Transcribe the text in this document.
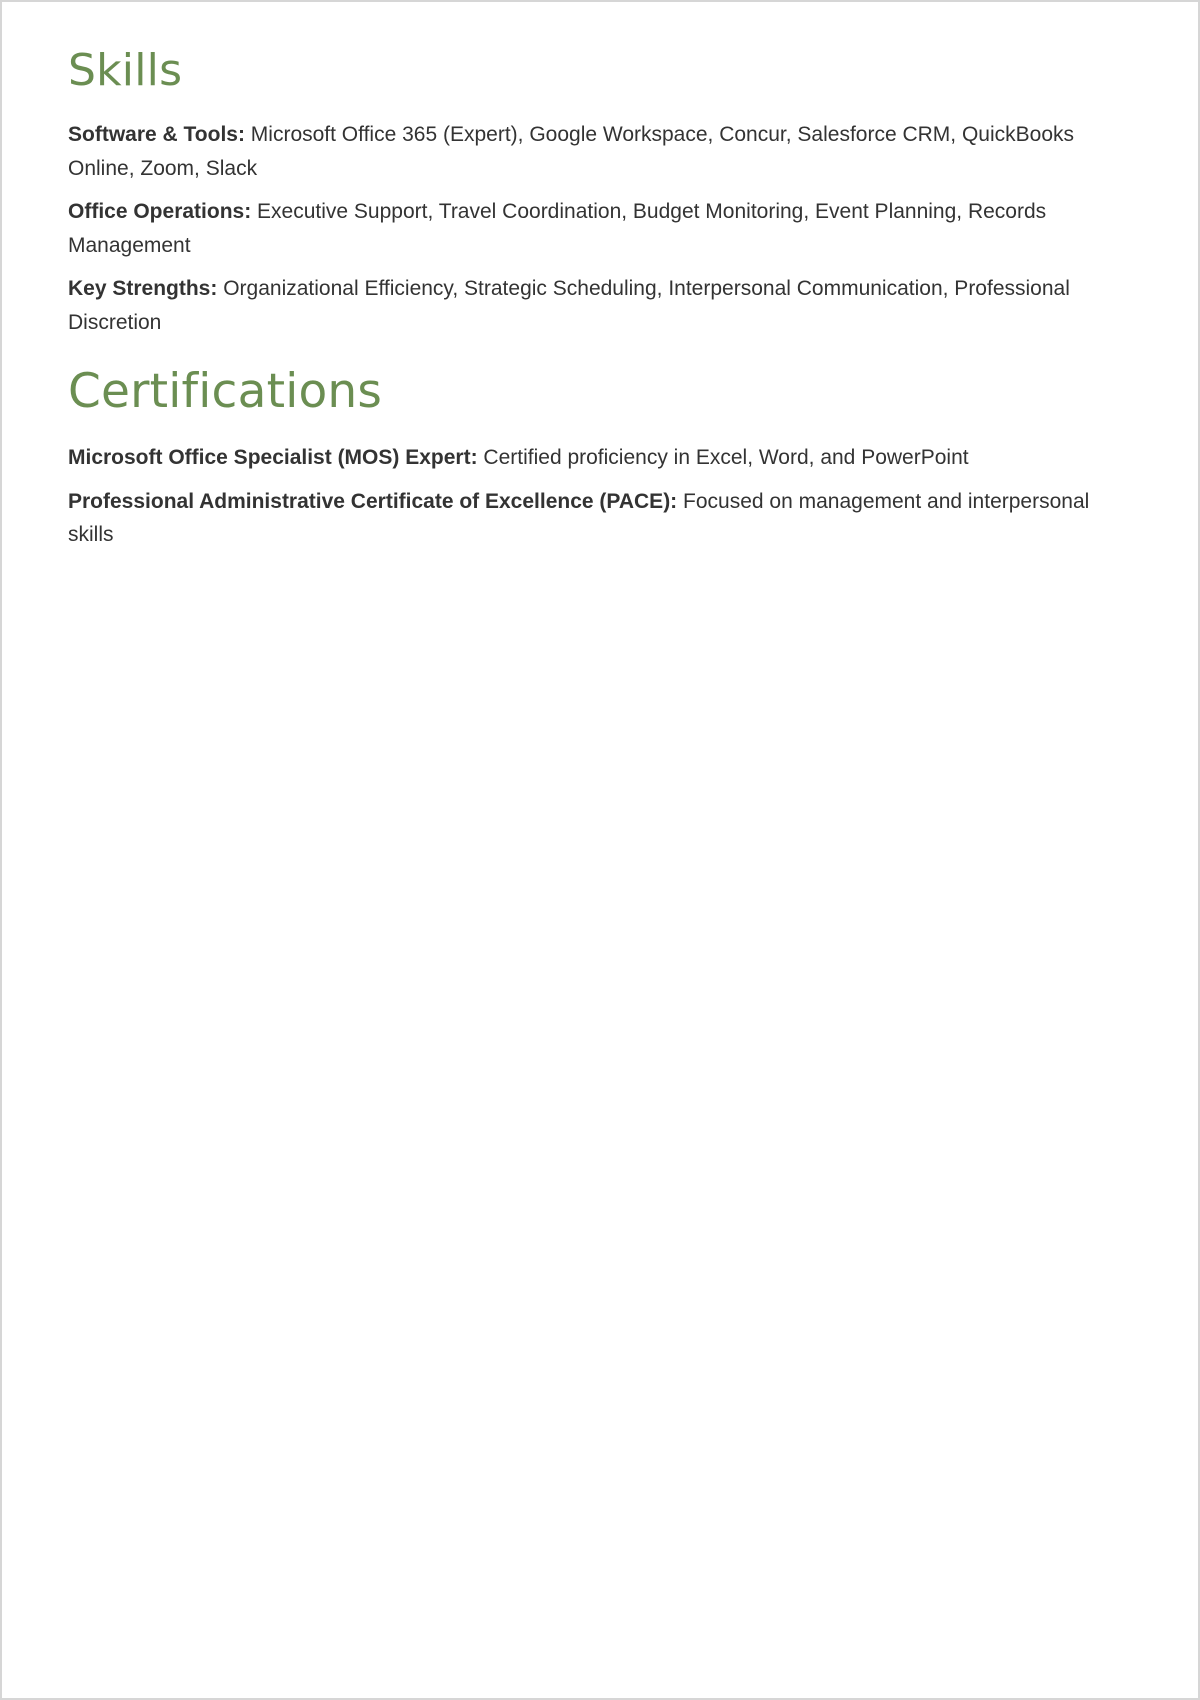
Skills

Software & Tools: Microsoft Office 365 (Expert), Google Workspace, Concur, Salesforce CRM, QuickBooks Online, Zoom, Slack

Office Operations: Executive Support, Travel Coordination, Budget Monitoring, Event Planning, Records Management

Key Strengths: Organizational Efficiency, Strategic Scheduling, Interpersonal Communication, Professional Discretion

Certifications

Microsoft Office Specialist (MOS) Expert: Certified proficiency in Excel, Word, and PowerPoint

Professional Administrative Certificate of Excellence (PACE): Focused on management and interpersonal skills
